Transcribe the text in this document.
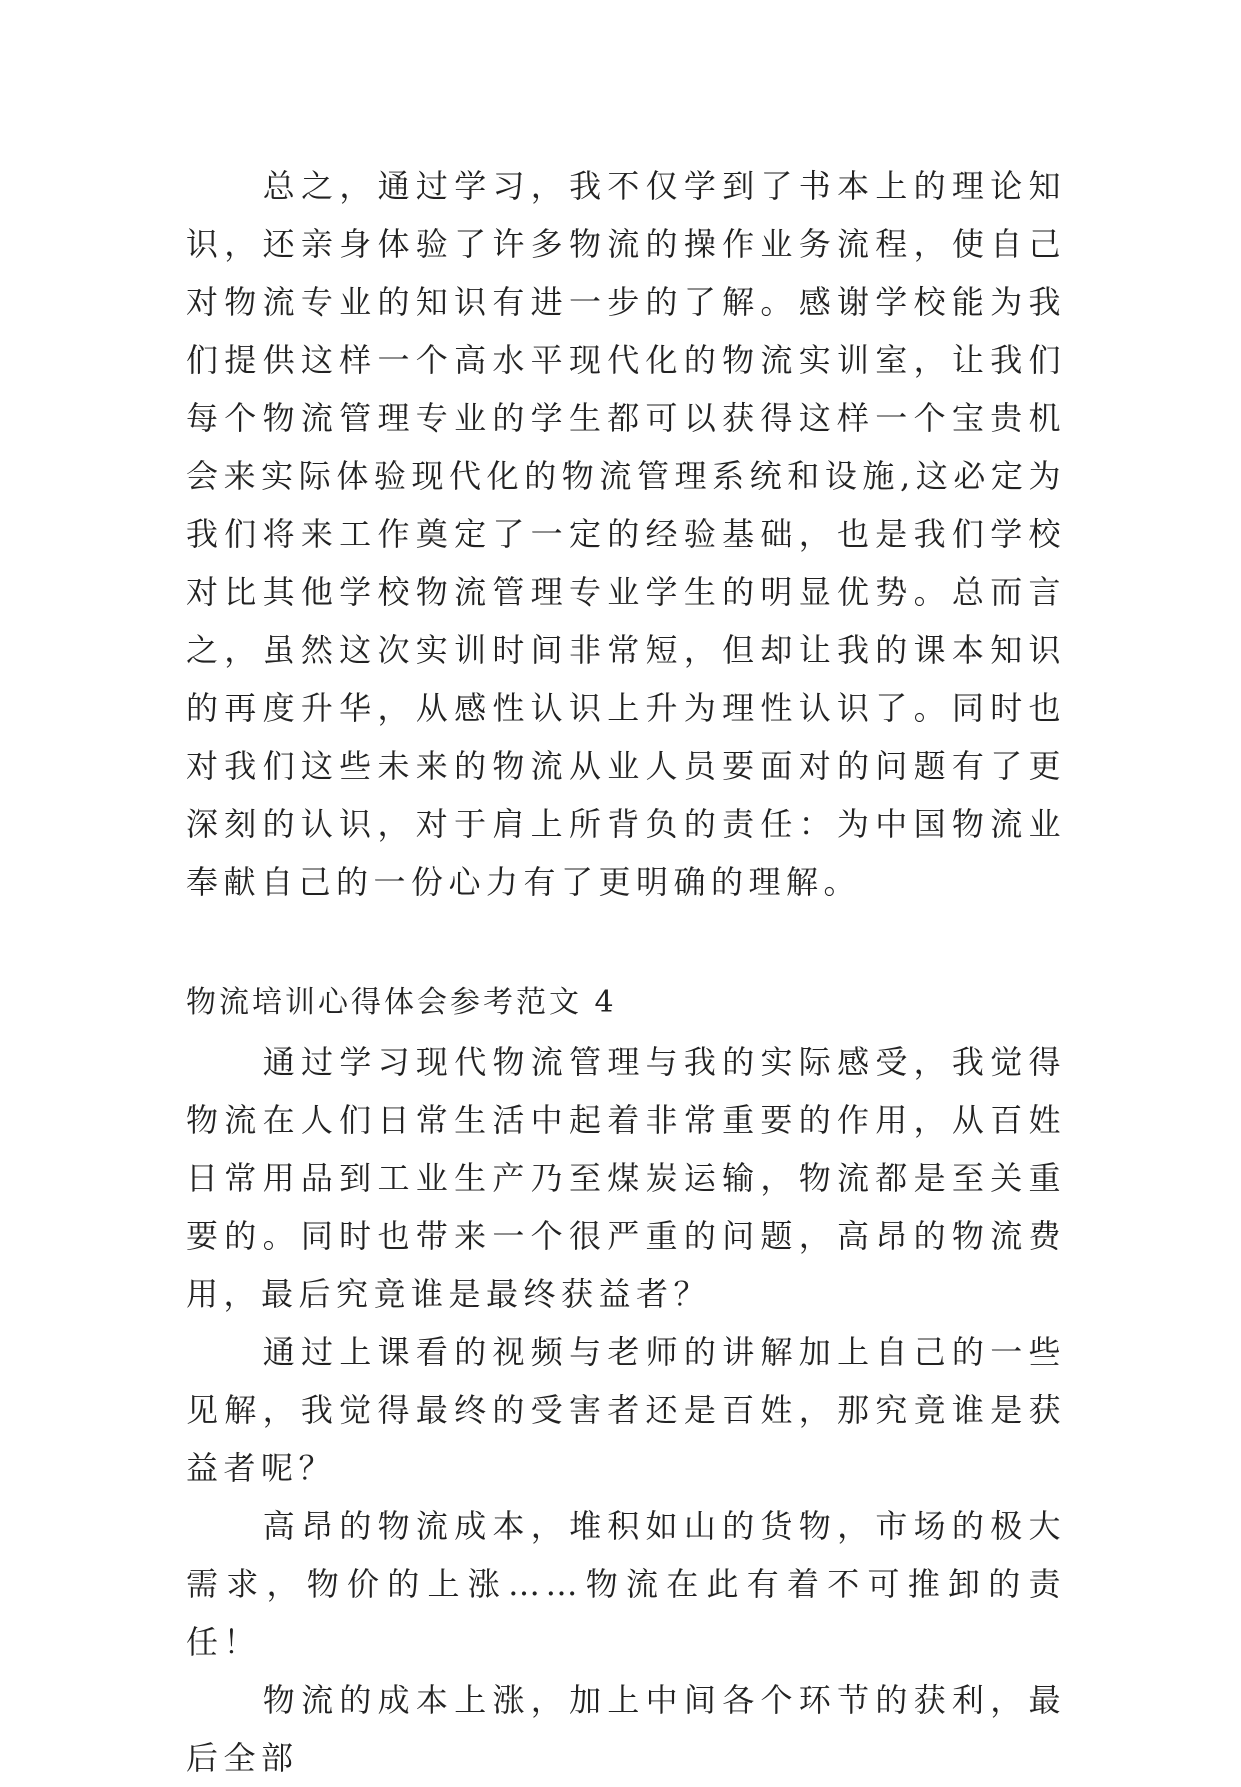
总之，通过学习，我不仅学到了书本上的理论知识，还亲身体验了许多物流的操作业务流程，使自己对物流专业的知识有进一步的了解。感谢学校能为我们提供这样一个高水平现代化的物流实训室，让我们每个物流管理专业的学生都可以获得这样一个宝贵机会来实际体验现代化的物流管理系统和设施,这必定为我们将来工作奠定了一定的经验基础，也是我们学校对比其他学校物流管理专业学生的明显优势。总而言之，虽然这次实训时间非常短，但却让我的课本知识的再度升华，从感性认识上升为理性认识了。同时也对我们这些未来的物流从业人员要面对的问题有了更深刻的认识，对于肩上所背负的责任：为中国物流业奉献自己的一份心力有了更明确的理解。

物流培训心得体会参考范文 4

通过学习现代物流管理与我的实际感受，我觉得物流在人们日常生活中起着非常重要的作用，从百姓日常用品到工业生产乃至煤炭运输，物流都是至关重要的。同时也带来一个很严重的问题，高昂的物流费用，最后究竟谁是最终获益者？

通过上课看的视频与老师的讲解加上自己的一些见解，我觉得最终的受害者还是百姓，那究竟谁是获益者呢？

高昂的物流成本，堆积如山的货物，市场的极大需求，物价的上涨……物流在此有着不可推卸的责任！

物流的成本上涨，加上中间各个环节的获利，最后全部
